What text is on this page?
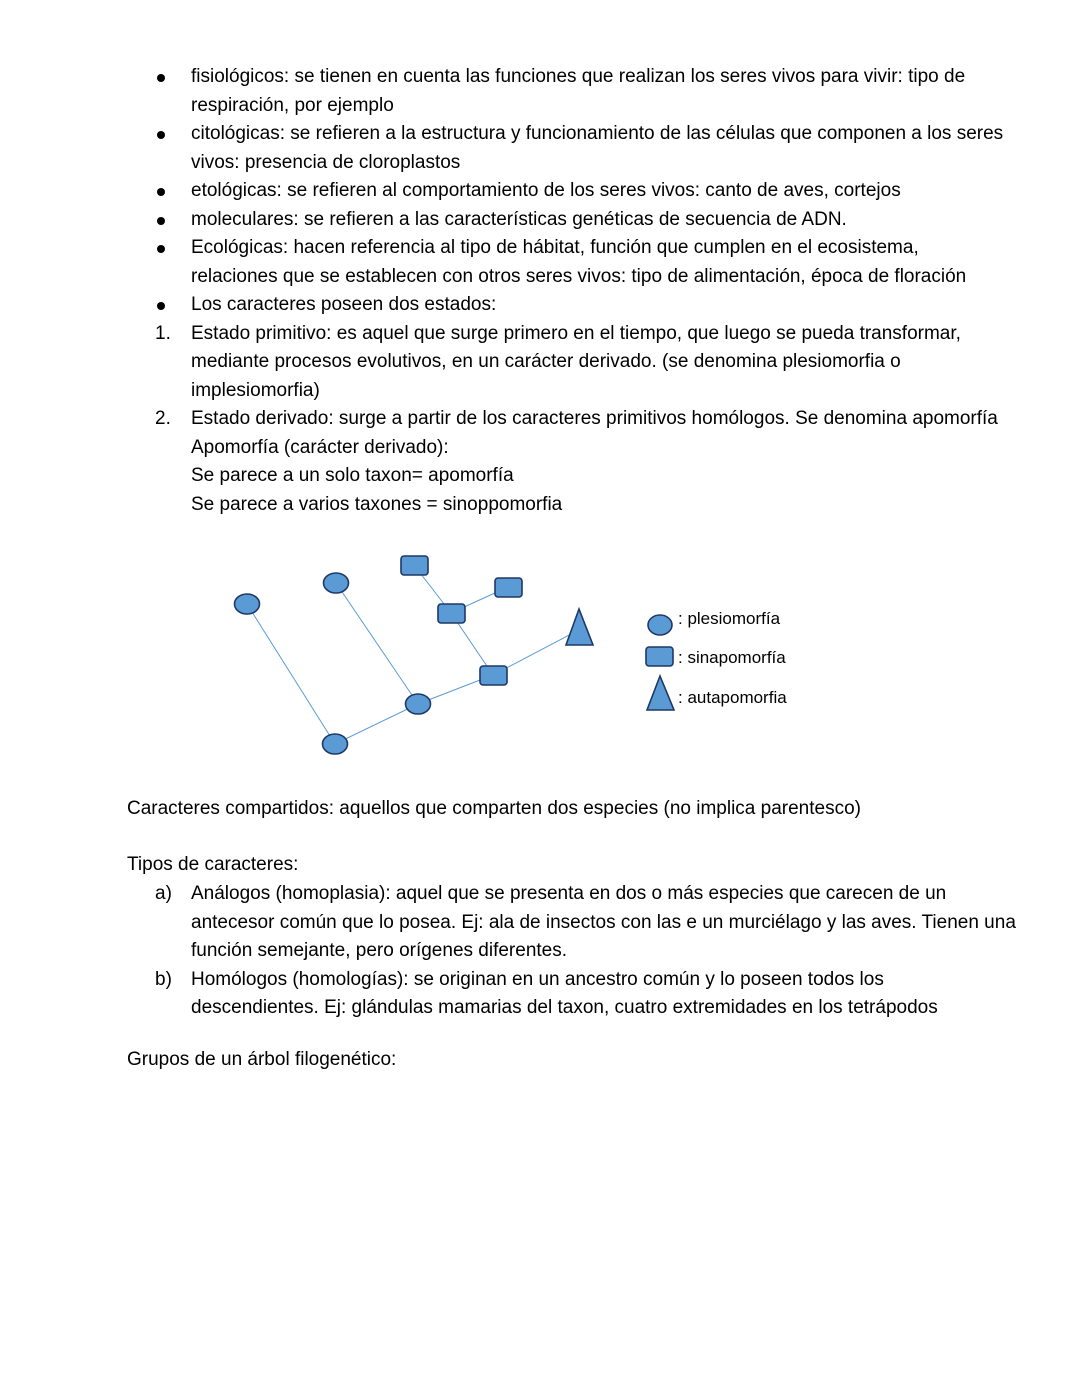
fisiológicos: se tienen en cuenta las funciones que realizan los seres vivos para vivir: tipo de
respiración, por ejemplo
citológicas: se refieren a la estructura y funcionamiento de las células que componen a los seres
vivos: presencia de cloroplastos
etológicas: se refieren al comportamiento de los seres vivos: canto de aves, cortejos
moleculares: se refieren a las características genéticas de secuencia de ADN.
Ecológicas: hacen referencia al tipo de hábitat, función que cumplen en el ecosistema,
relaciones que se establecen con otros seres vivos: tipo de alimentación, época de floración
Los caracteres poseen dos estados:
1.	Estado primitivo: es aquel que surge primero en el tiempo, que luego se pueda transformar,
mediante procesos evolutivos, en un carácter derivado. (se denomina plesiomorfia o
implesiomorfia)
2.	Estado derivado: surge a partir de los caracteres primitivos homólogos. Se denomina apomorfía
Apomorfía (carácter derivado):
Se parece a un solo taxon= apomorfía
Se parece a varios taxones = sinoppomorfia
: plesiomorfía
: sinapomorfía
: autapomorfia
Caracteres compartidos: aquellos que comparten dos especies (no implica parentesco)
Tipos de caracteres:
a)	Análogos (homoplasia): aquel que se presenta en dos o más especies que carecen de un
antecesor común que lo posea. Ej: ala de insectos con las e un murciélago y las aves. Tienen una
función semejante, pero orígenes diferentes.
b)	Homólogos (homologías): se originan en un ancestro común y lo poseen todos los
descendientes. Ej: glándulas mamarias del taxon, cuatro extremidades en los tetrápodos
Grupos de un árbol filogenético:
